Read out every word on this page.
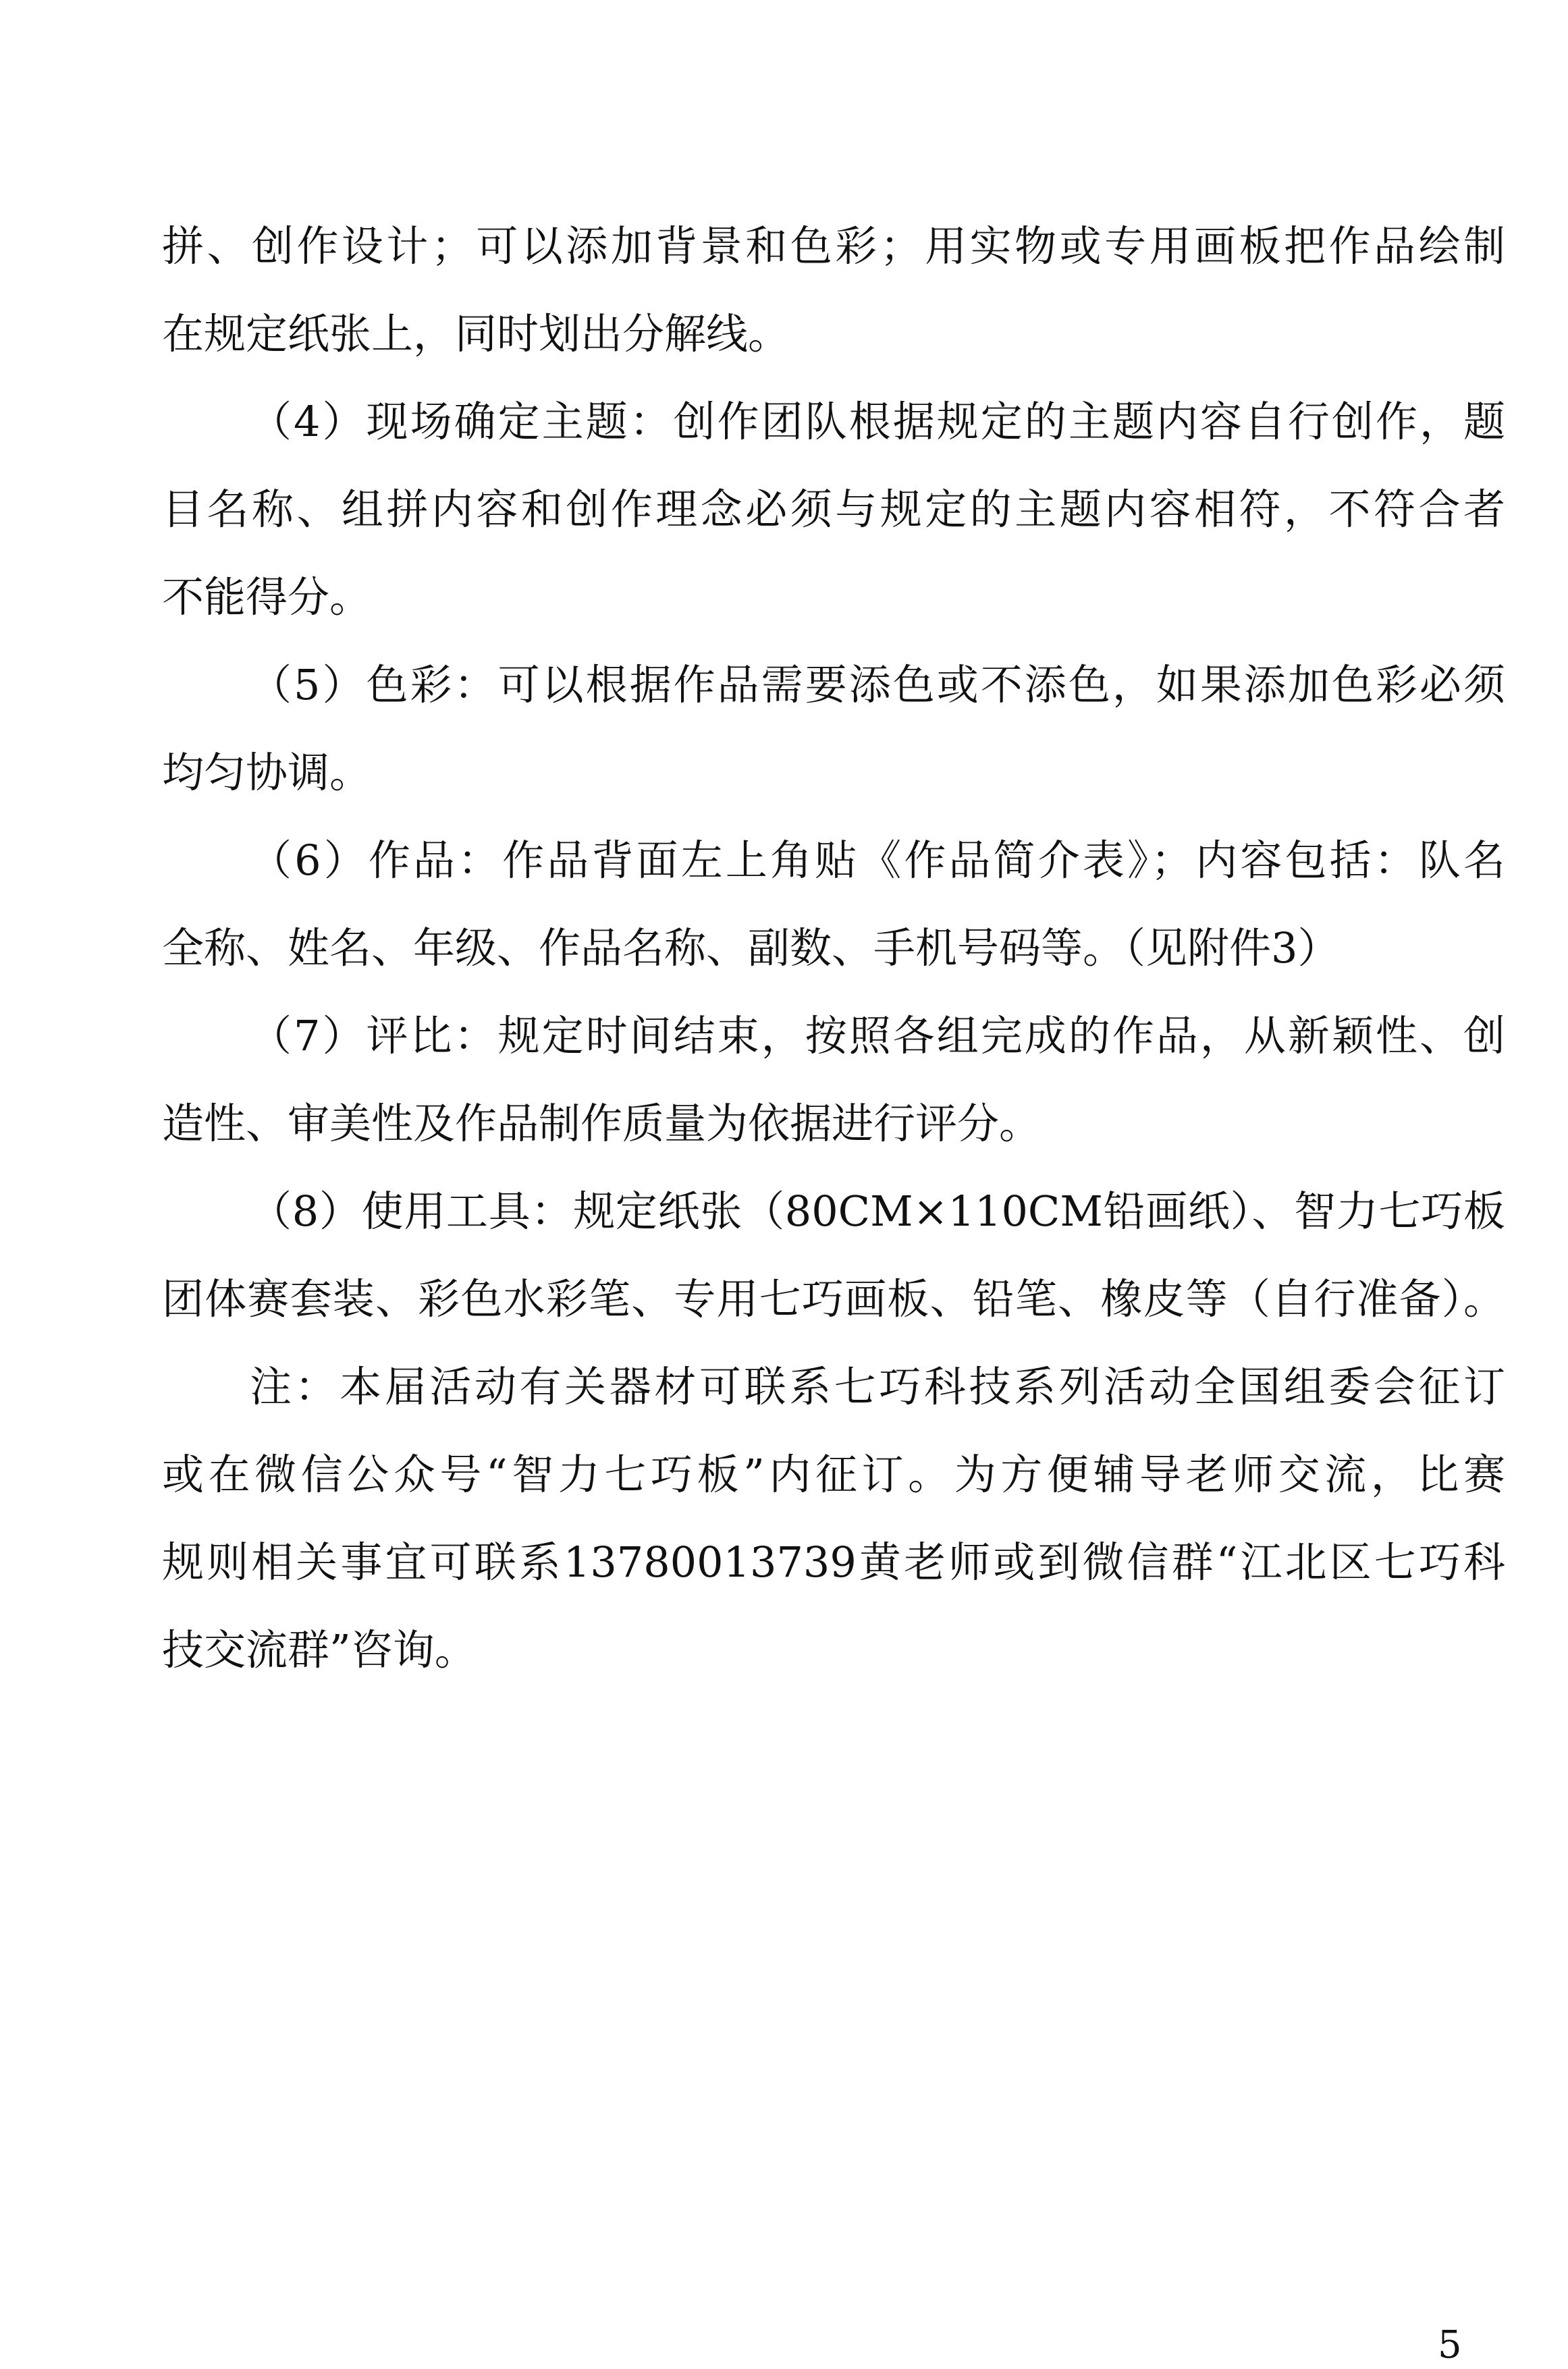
拼、创作设计；可以添加背景和色彩；用实物或专用画板把作品绘制
在规定纸张上，同时划出分解线。
（4）现场确定主题：创作团队根据规定的主题内容自行创作，题
目名称、组拼内容和创作理念必须与规定的主题内容相符，不符合者
不能得分。
（5）色彩：可以根据作品需要添色或不添色，如果添加色彩必须
均匀协调。
（6）作品：作品背面左上角贴《作品简介表》；内容包括：队名
全称、姓名、年级、作品名称、副数、手机号码等。（见附件3）
（7）评比：规定时间结束，按照各组完成的作品，从新颖性、创
造性、审美性及作品制作质量为依据进行评分。
（8）使用工具：规定纸张（80CM×110CM铅画纸）、智力七巧板
团体赛套装、彩色水彩笔、专用七巧画板、铅笔、橡皮等（自行准备）。
注：本届活动有关器材可联系七巧科技系列活动全国组委会征订
或在微信公众号“智力七巧板”内征订。为方便辅导老师交流，比赛
规则相关事宜可联系13780013739黄老师或到微信群“江北区七巧科
技交流群”咨询。
5
